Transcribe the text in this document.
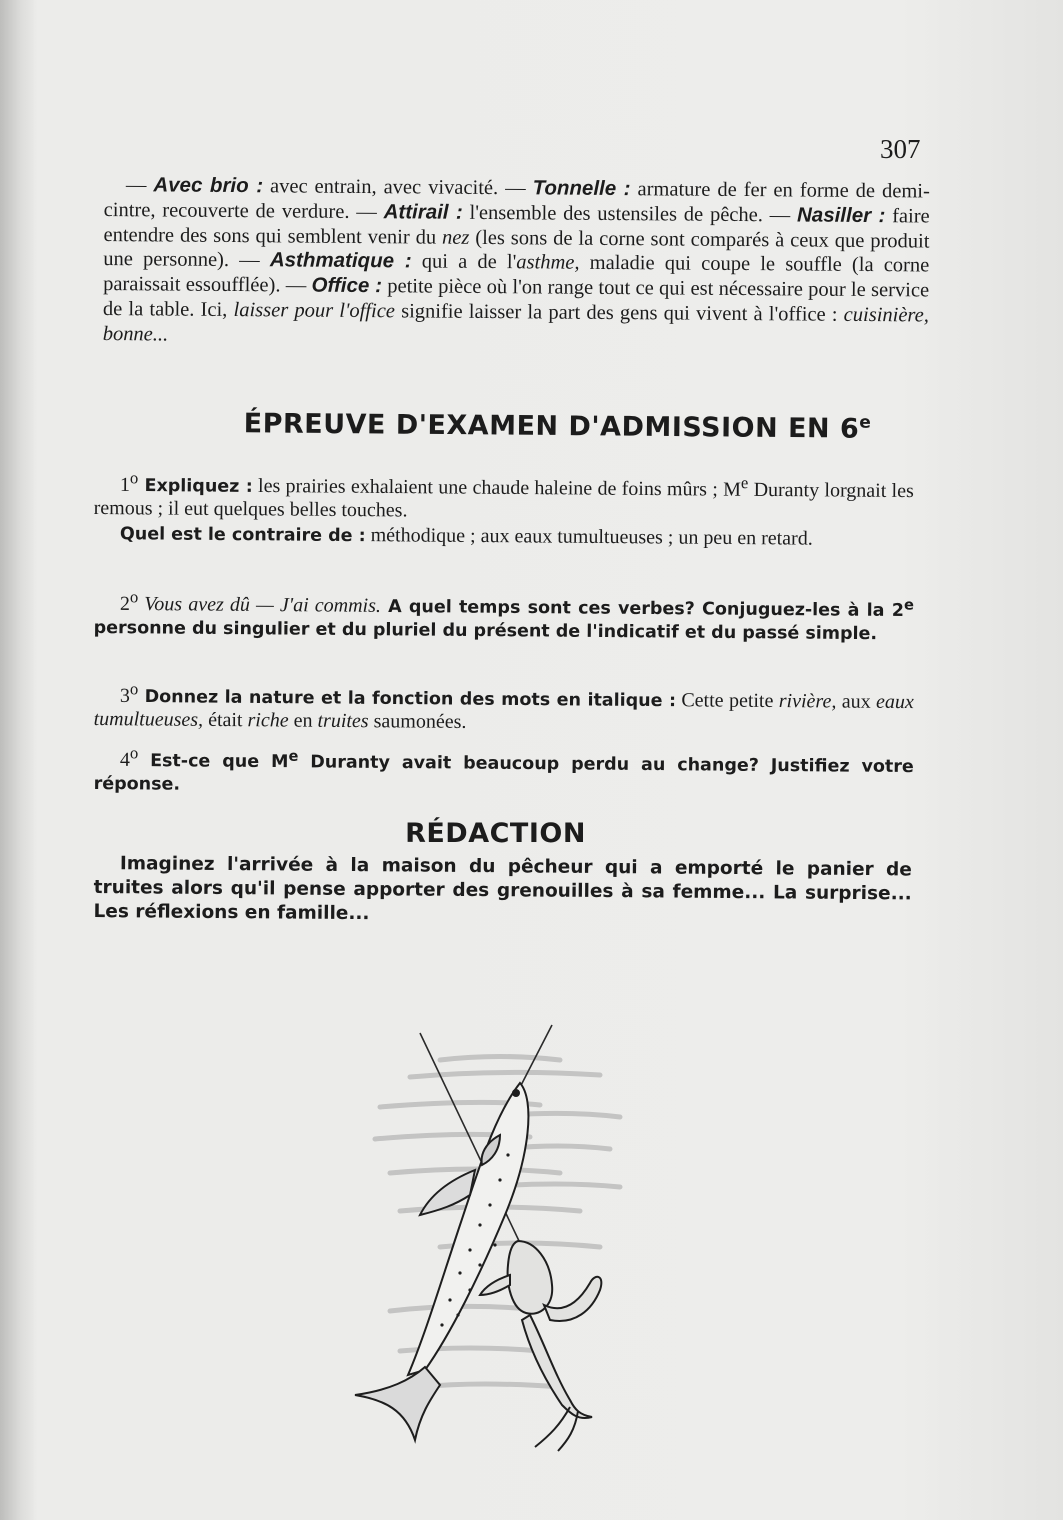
307
— Avec brio : avec entrain, avec vivacité. — Tonnelle : armature de fer en forme de demi-cintre, recouverte de verdure. — Attirail : l'ensemble des ustensiles de pêche. — Nasiller : faire entendre des sons qui semblent venir du nez (les sons de la corne sont comparés à ceux que produit une personne). — Asthmatique : qui a de l'asthme, maladie qui coupe le souffle (la corne paraissait essoufflée). — Office : petite pièce où l'on range tout ce qui est nécessaire pour le service de la table. Ici, laisser pour l'office signifie laisser la part des gens qui vivent à l'office : cuisinière, bonne...
ÉPREUVE D'EXAMEN D'ADMISSION EN 6e
1$^o$ Expliquez : les prairies exhalaient une chaude haleine de foins mûrs ; Me Duranty lorgnait les remous ; il eut quelques belles touches.
Quel est le contraire de : méthodique ; aux eaux tumultueuses ; un peu en retard.
2$^o$ Vous avez dû — J'ai commis. A quel temps sont ces verbes? Conjuguez-les à la 2e personne du singulier et du pluriel du présent de l'indicatif et du passé simple.
3$^o$ Donnez la nature et la fonction des mots en italique : Cette petite rivière, aux eaux tumultueuses, était riche en truites saumonées.
4$^o$ Est-ce que Me Duranty avait beaucoup perdu au change? Justifiez votre réponse.
RÉDACTION
Imaginez l'arrivée à la maison du pêcheur qui a emporté le panier de truites alors qu'il pense apporter des grenouilles à sa femme... La surprise... Les réflexions en famille...
